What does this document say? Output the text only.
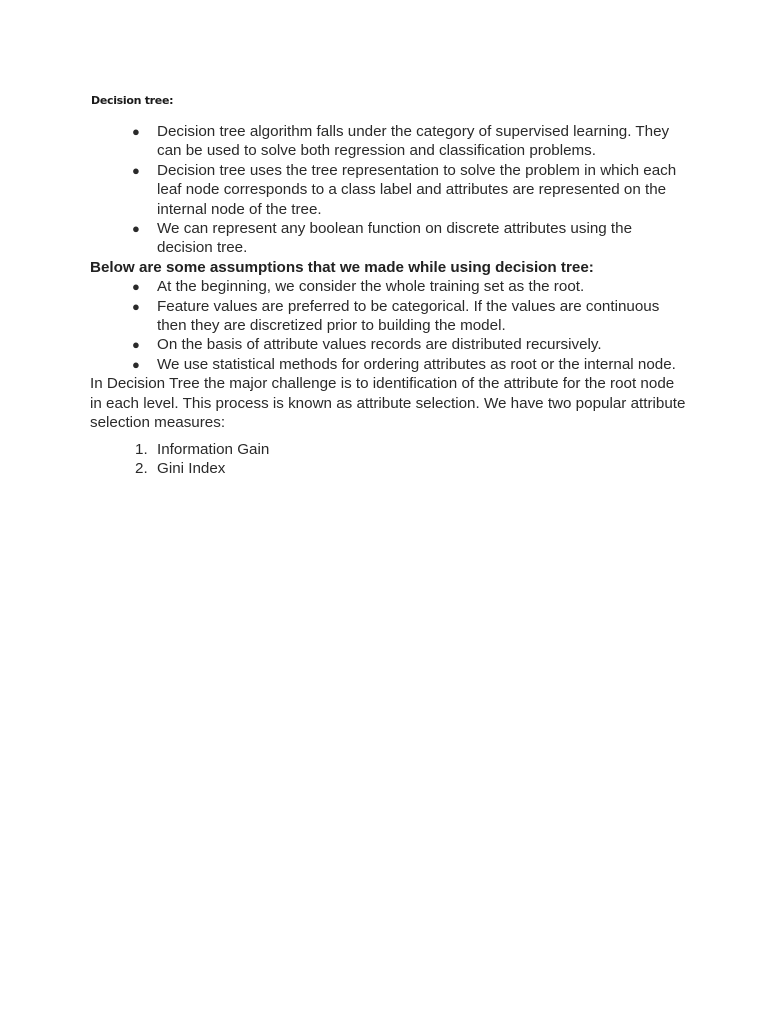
Decision tree:
● Decision tree algorithm falls under the category of supervised learning. They can be used to solve both regression and classification problems.
● Decision tree uses the tree representation to solve the problem in which each leaf node corresponds to a class label and attributes are represented on the internal node of the tree.
● We can represent any boolean function on discrete attributes using the decision tree.

Below are some assumptions that we made while using decision tree:

● At the beginning, we consider the whole training set as the root.
● Feature values are preferred to be categorical. If the values are continuous then they are discretized prior to building the model.
● On the basis of attribute values records are distributed recursively.
● We use statistical methods for ordering attributes as root or the internal node.

In Decision Tree the major challenge is to identification of the attribute for the root node in each level. This process is known as attribute selection. We have two popular attribute selection measures:

1. Information Gain
2. Gini Index
